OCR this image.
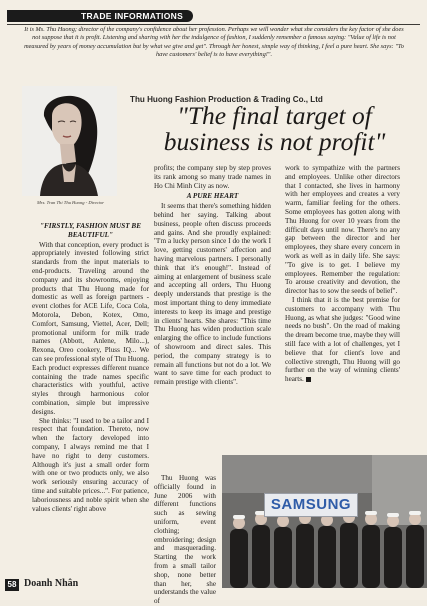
TRADE INFORMATIONS
It is Ms. Thu Huong; director of the company's confidence about her profession. Perhaps we will wonder what she considers the key factor of she does not suppose that it is profit. Listening and sharing with her the indulgence of fashion, I suddenly remember a famous saying: "Value of life is not measured by years of money accumulation but by what we give and get". Through her honest, simple way of thinking, I feel a pure heart. She says: "To have customers' belief is to have everything!".
Mrs. Tran Thi Thu Huong - Director
Thu Huong Fashion Production & Trading Co., Ltd
"The final target of business is not profit"

"FIRSTLY, FASHION MUST BE BEAUTIFUL"

With that conception, every product is appropriately invested following strict standards from the input materials to end-products. Traveling around the company and its showrooms, enjoying products that Thu Huong made for domestic as well as foreign partners - event clothes for ACE Life, Coca Cola, Motorola, Debon, Kotex, Omo, Comfort, Samsung, Viettel, Acer, Dell; promotional uniform for milk trade names (Abbott, Anlene, Milo...), Rexona, Oreo cookery, Pluss IQ... We can see professional style of Thu Huong. Each product expresses different nuance containing the trade names specific characteristics with youthful, active styles through harmonious color combination, simple but impressive designs.

She thinks: "I used to be a tailor and I respect that foundation. Thereto, now when the factory developed into company, I always remind me that I have no right to deny customers. Although it's just a small order form with one or two products only, we also work seriously ensuring accuracy of time and suitable prices...". For patience, laboriousness and noble spirit when she values clients' right above

profits; the company step by step proves its rank among so many trade names in Ho Chi Minh City as now.

A PURE HEART

It seems that there's something hidden behind her saying. Talking about business, people often discuss proceeds and gains. And she proudly explained: "I'm a lucky person since I do the work I love, getting customers' affection and having marvelous partners. I personally think that it's enough!". Instead of aiming at enlargement of business scale and accepting all orders, Thu Huong deeply understands that prestige is the most important thing to deny immediate interests to keep its image and prestige in clients' hearts. She shares: "This time Thu Huong has widen production scale enlarging the office to include functions of showroom and direct sales. This period, the company strategy is to remain all functions but not do a lot. We want to save time for each product to remain prestige with clients".

Thu Huong was officially found in June 2006 with different functions such as sewing uniform, event clothing; embroidering; design and masquerading. Starting the work from a small tailor shop, none better than her, she understands the value of

work to sympathize with the partners and employees. Unlike other directors that I contacted, she lives in harmony with her employees and creates a very warm, familiar feeling for the others. Some employees has gotten along with Thu Huong for over 10 years from the difficult days until now. There's no any gap between the director and her employees, they share every concern in work as well as in daily life. She says: "To give is to get. I believe my employees. Remember the regulation: To arouse creativity and devotion, the director has to sow the seeds of belief".

I think that it is the best premise for customers to accompany with Thu Huong, as what she judges: "Good wine needs no bush". On the road of making the dream become true, maybe they will still face with a lot of challenges, yet I believe that for client's love and collective strength, Thu Huong will go further on the way of winning clients' hearts.

SAMSUNG
58 Doanh Nhân
